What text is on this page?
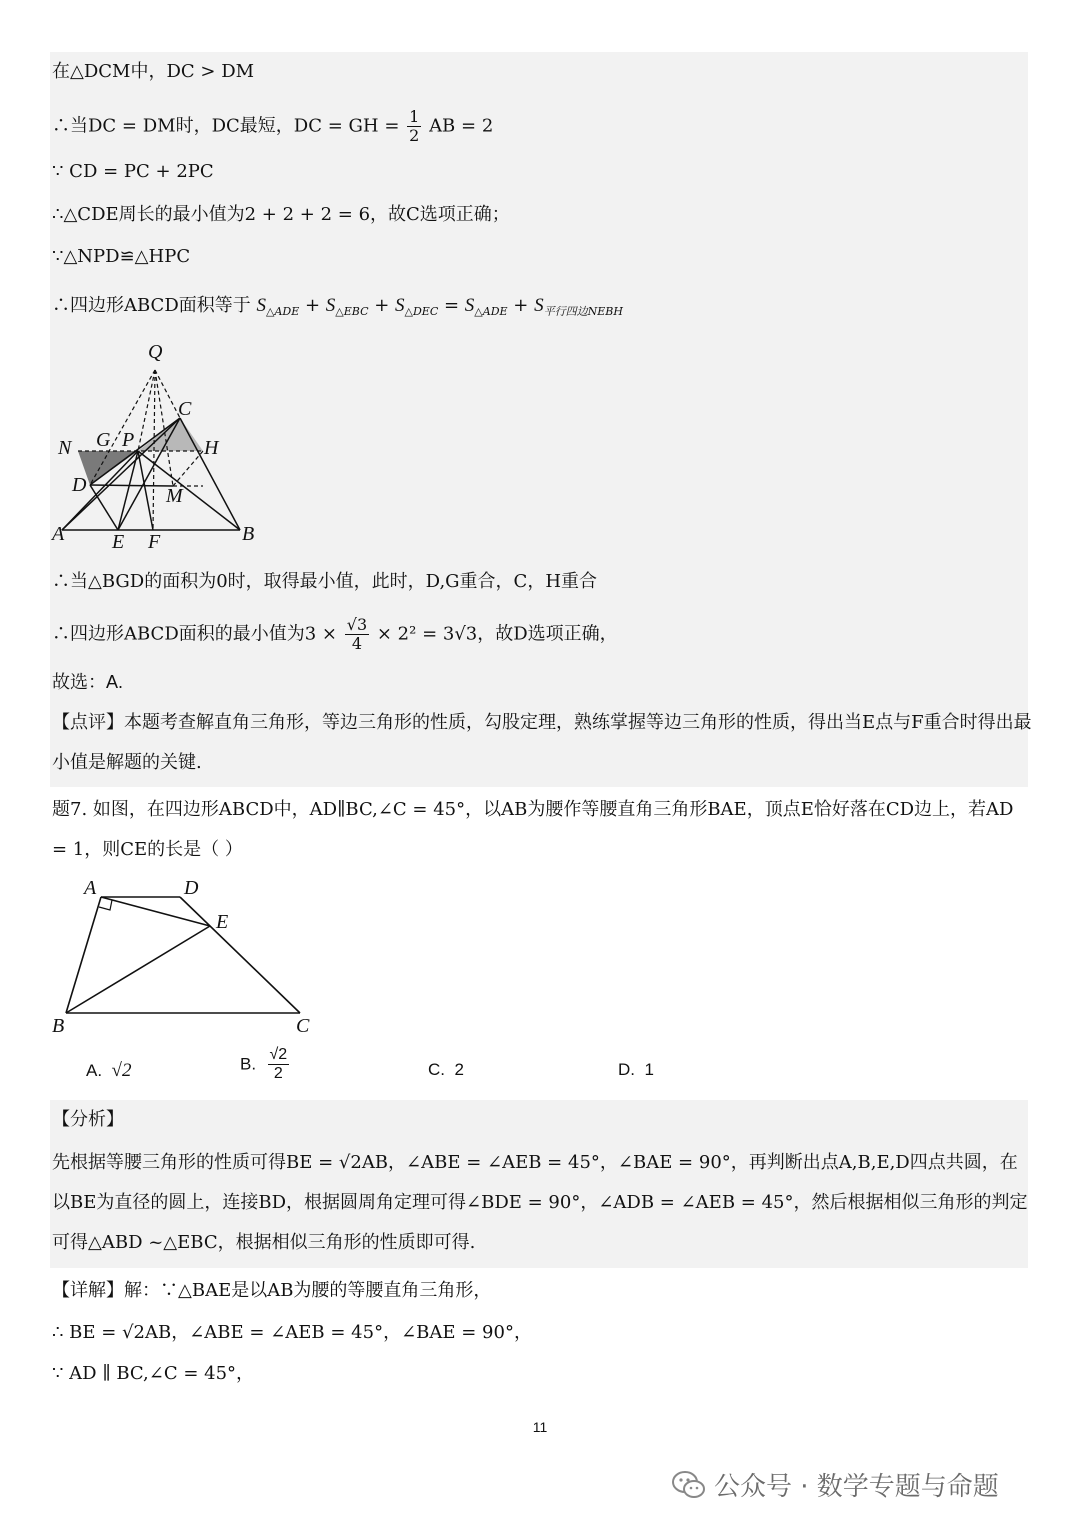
在△DCM中，DC > DM
∴当DC = DM时，DC最短，DC = GH = $\frac{1}{2}$ AB = 2
∵ CD = PC + 2PC
∴△CDE周长的最小值为2 + 2 + 2 = 6，故C选项正确；
∵△NPD≌△HPC
∴四边形ABCD面积等于 $S_{\triangle ADE} + S_{\triangle EBC} + S_{\triangle DEC} = S_{\triangle ADE} + S_{平行四边NEBH}$
Q
C
N G P	H
D	M
A E F	B
∴当△BGD的面积为0时，取得最小值，此时，D,G重合，C，H重合
∴四边形ABCD面积的最小值为$3 \times \frac{√3}{4} \times 2^2 = 3√3$，故D选项正确，
故选：A.
【点评】本题考查解直角三角形，等边三角形的性质，勾股定理，熟练掌握等边三角形的性质，得出当E点与F重合时得出最小值是解题的关键.
题7. 如图，在四边形ABCD中，AD∥BC,∠C = 45°，以AB为腰作等腰直角三角形BAE，顶点E恰好落在CD边上，若AD = 1，则CE的长是（ ）
A	D
E
B	C
A. √2	B. $\frac{√2}{2}$	C. 2	D. 1
【分析】
先根据等腰三角形的性质可得BE = √2AB，∠ABE = ∠AEB = 45°，∠BAE = 90°，再判断出点A,B,E,D四点共圆，在以BE为直径的圆上，连接BD，根据圆周角定理可得∠BDE = 90°，∠ADB = ∠AEB = 45°，然后根据相似三角形的判定可得△ABD ~△EBC，根据相似三角形的性质即可得.
【详解】解：∵△BAE是以AB为腰的等腰直角三角形，
∴ BE = √2AB，∠ABE = ∠AEB = 45°，∠BAE = 90°，
∵ AD ∥ BC,∠C = 45°，
11
公众号 · 数学专题与命题
